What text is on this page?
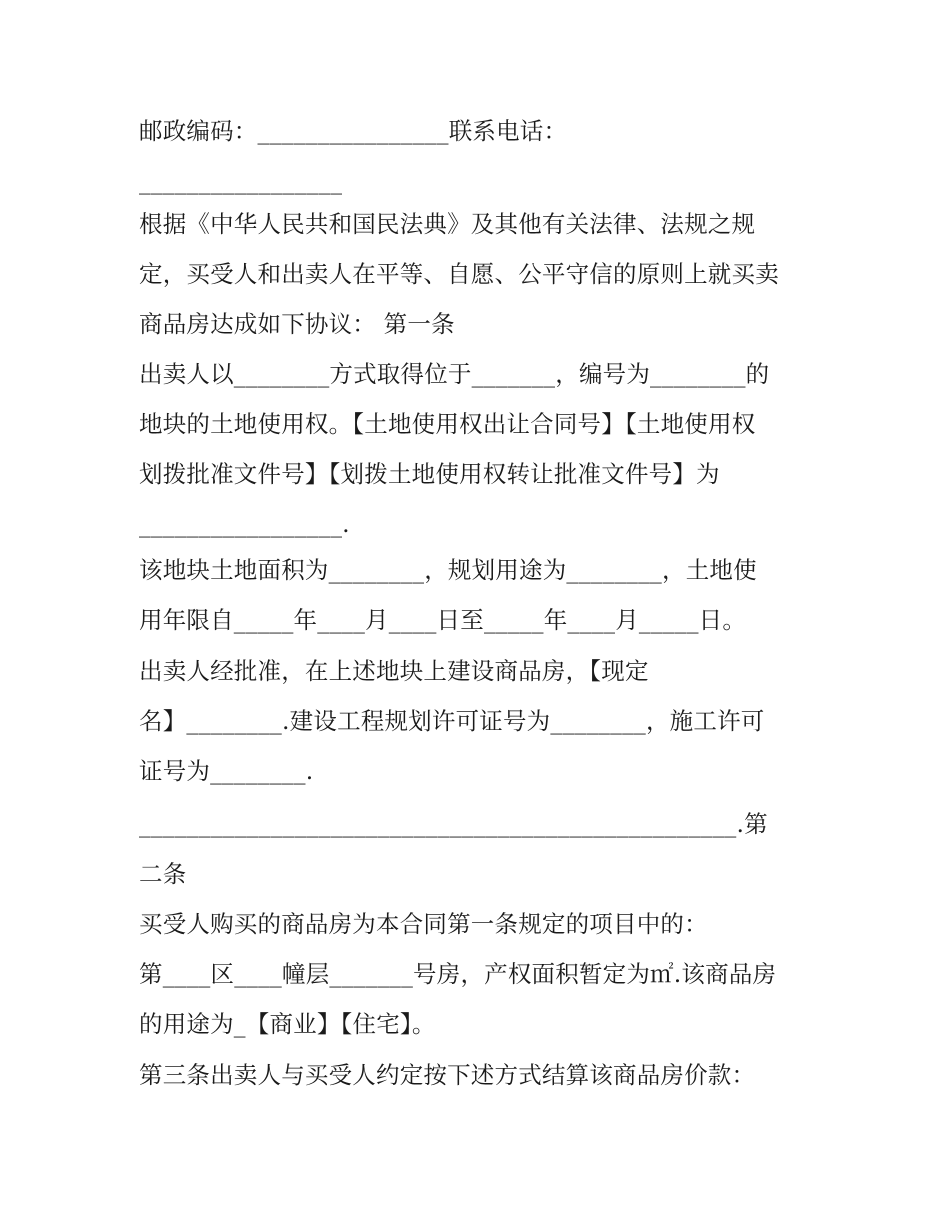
邮政编码：________________联系电话：
_________________
根据《中华人民共和国民法典》及其他有关法律、法规之规
定，买受人和出卖人在平等、自愿、公平守信的原则上就买卖
商品房达成如下协议： 第一条
出卖人以________方式取得位于_______，编号为________的
地块的土地使用权。【土地使用权出让合同号】【土地使用权
划拨批准文件号】【划拨土地使用权转让批准文件号】为
_________________.
该地块土地面积为________，规划用途为________，土地使
用年限自_____年____月____日至_____年____月_____日。
出卖人经批准，在上述地块上建设商品房，【现定
名】________.建设工程规划许可证号为________，施工许可
证号为________.
__________________________________________________.第
二条
买受人购买的商品房为本合同第一条规定的项目中的：
第____区____幢层_______号房，产权面积暂定为㎡.该商品房
的用途为_【商业】【住宅】。
第三条出卖人与买受人约定按下述方式结算该商品房价款：
